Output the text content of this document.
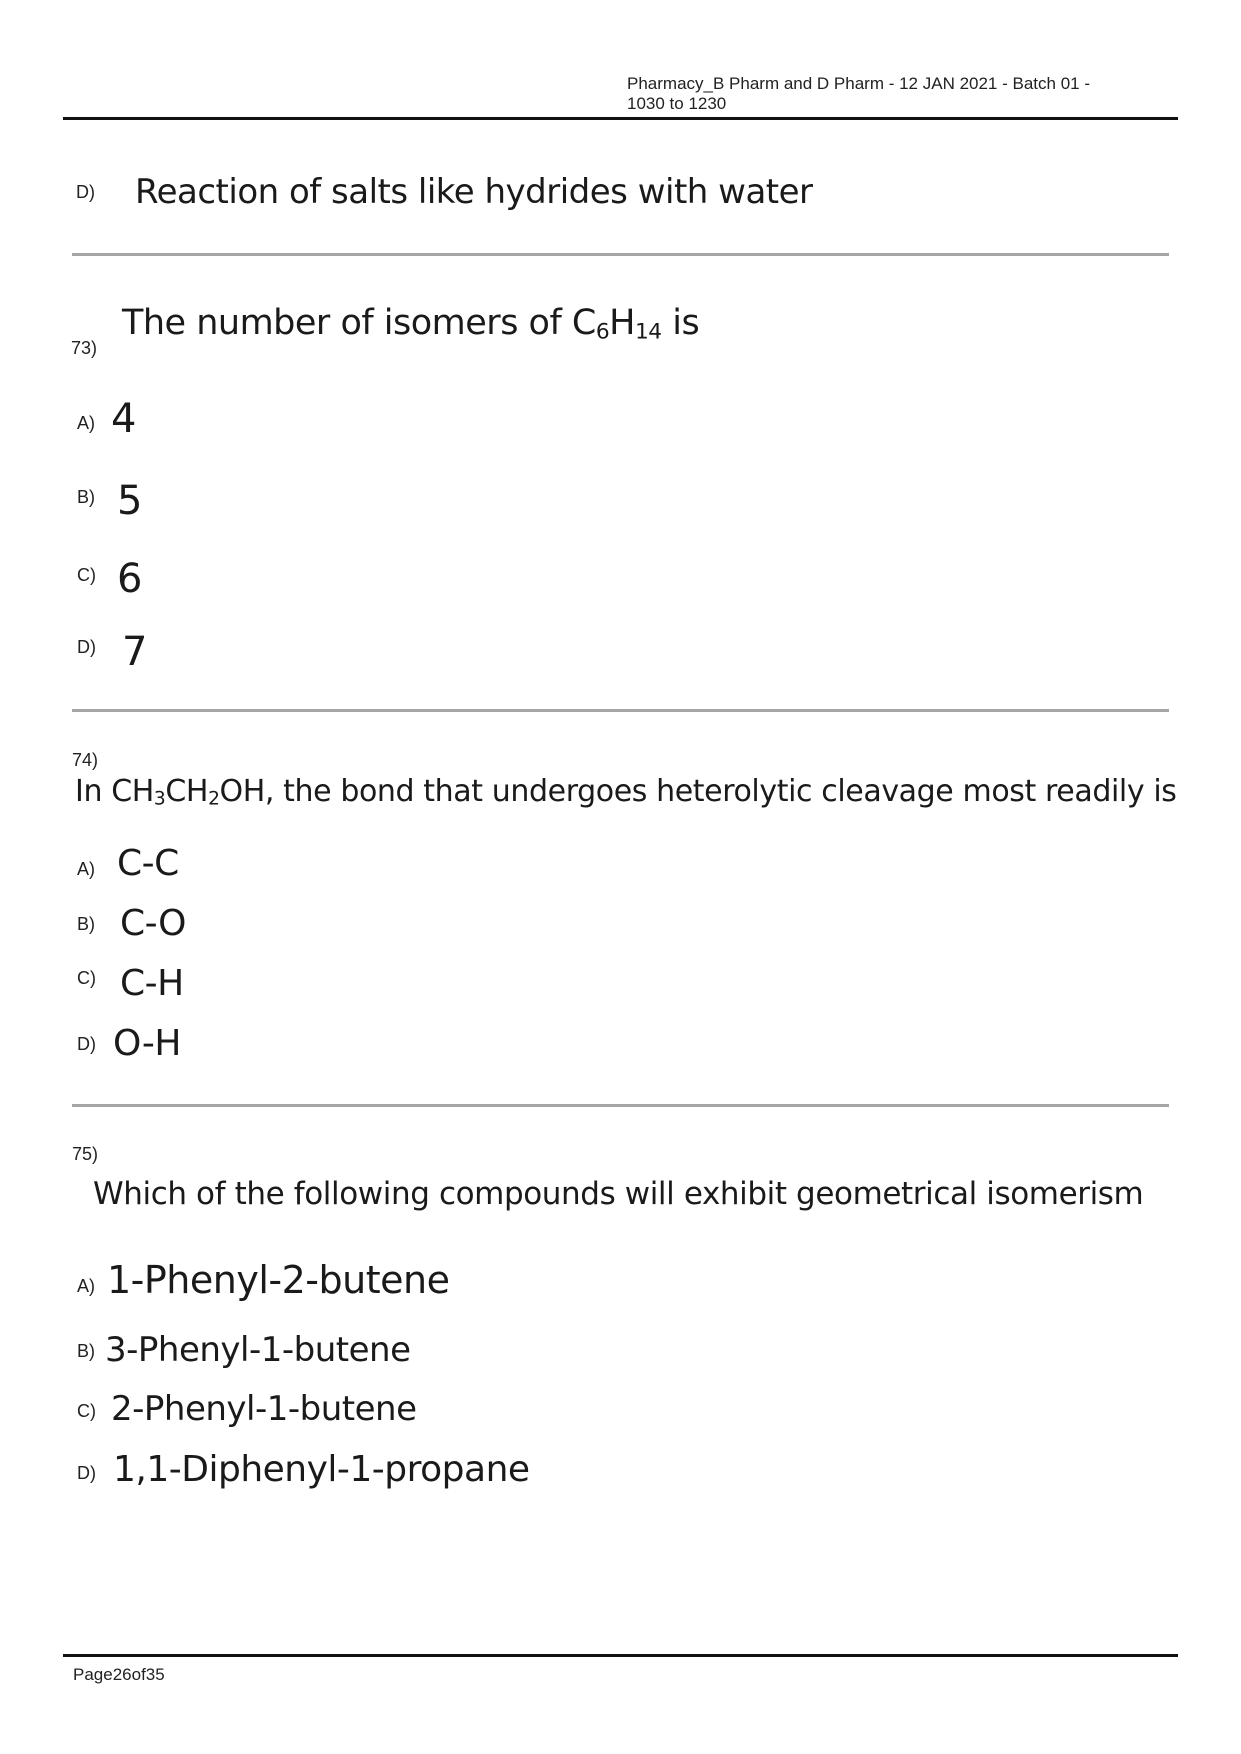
Pharmacy_B Pharm and D Pharm - 12 JAN 2021 - Batch 01 -
1030 to 1230
D) Reaction of salts like hydrides with water
The number of isomers of $C_6H_{14}$ is
73)
A) 4
B) 5
C) 6
D) 7
74)
In $CH_3CH_2OH$, the bond that undergoes heterolytic cleavage most readily is
A) C-C
B) C-O
C) C-H
D) O-H
75)
Which of the following compounds will exhibit geometrical isomerism
A) 1-Phenyl-2-butene
B) 3-Phenyl-1-butene
C) 2-Phenyl-1-butene
D) 1,1-Diphenyl-1-propane
Page26of35
